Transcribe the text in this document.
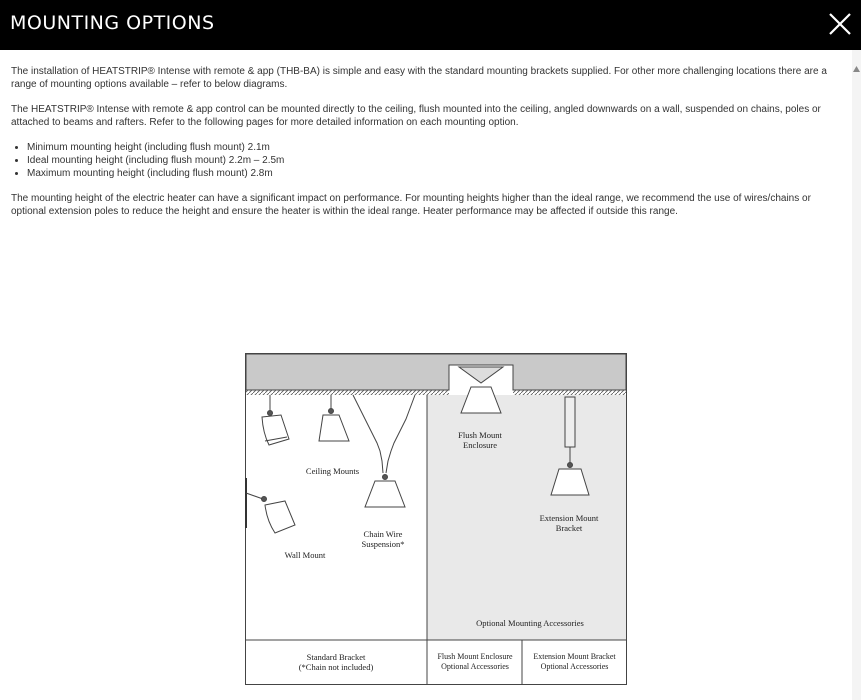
MOUNTING OPTIONS

The installation of HEATSTRIP® Intense with remote & app (THB-BA) is simple and easy with the standard mounting brackets supplied. For other more challenging locations there are a range of mounting options available – refer to below diagrams.

The HEATSTRIP® Intense with remote & app control can be mounted directly to the ceiling, flush mounted into the ceiling, angled downwards on a wall, suspended on chains, poles or attached to beams and rafters. Refer to the following pages for more detailed information on each mounting option.

• Minimum mounting height (including flush mount) 2.1m
• Ideal mounting height (including flush mount) 2.2m – 2.5m
• Maximum mounting height (including flush mount) 2.8m

The mounting height of the electric heater can have a significant impact on performance. For mounting heights higher than the ideal range, we recommend the use of wires/chains or optional extension poles to reduce the height and ensure the heater is within the ideal range. Heater performance may be affected if outside this range.

Ceiling Mounts
Wall Mount
Chain Wire
Suspension*
Flush Mount
Enclosure
Extension Mount
Bracket
Optional Mounting Accessories
Standard Bracket
(*Chain not included)
Flush Mount Enclosure
Optional Accessories
Extension Mount Bracket
Optional Accessories
